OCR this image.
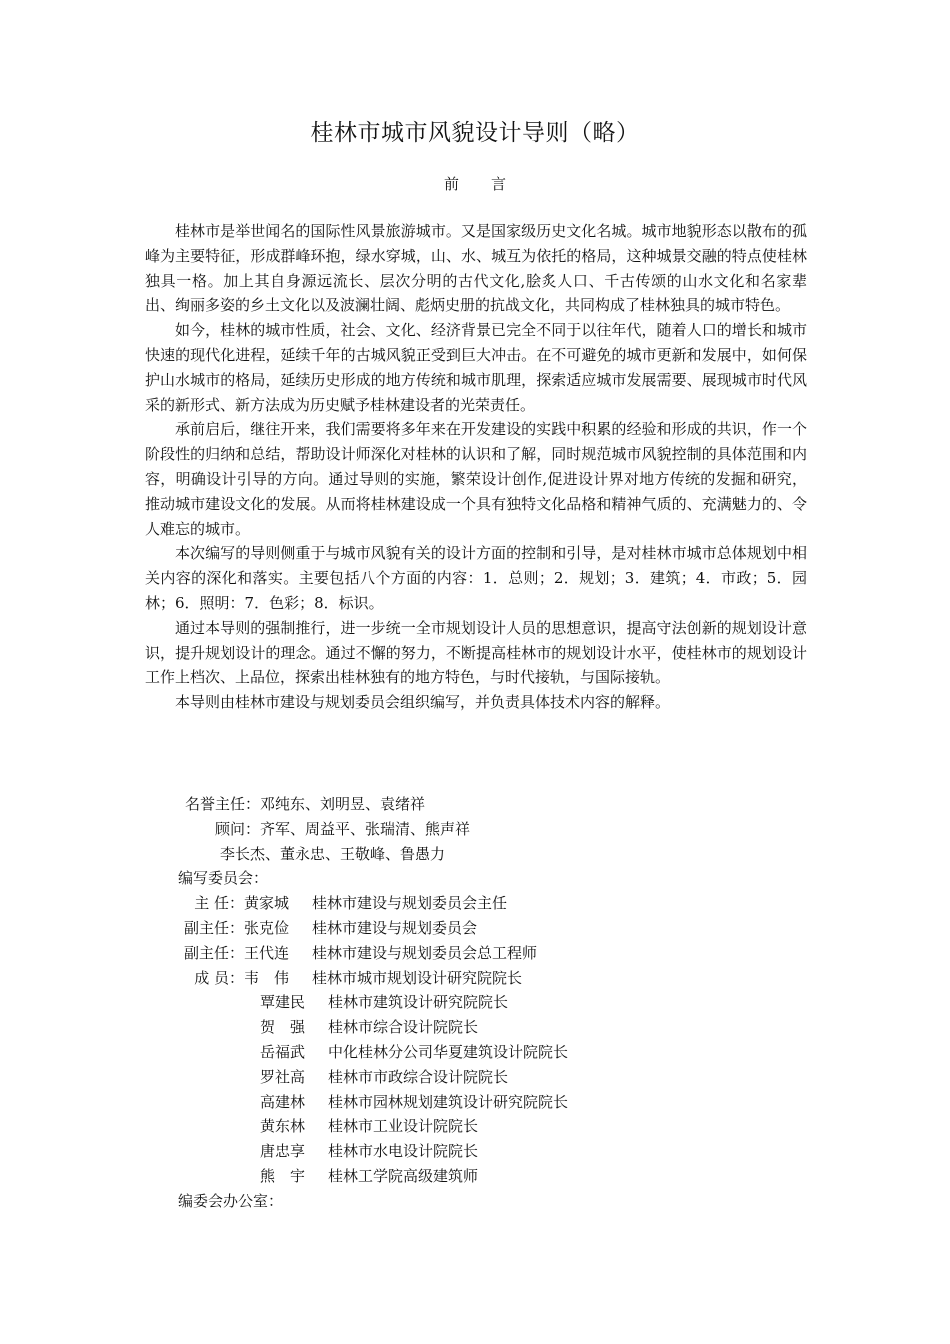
桂林市城市风貌设计导则（略）
前言

桂林市是举世闻名的国际性风景旅游城市。又是国家级历史文化名城。城市地貌形态以散布的孤峰为主要特征，形成群峰环抱，绿水穿城，山、水、城互为依托的格局，这种城景交融的特点使桂林独具一格。加上其自身源远流长、层次分明的古代文化,脍炙人口、千古传颂的山水文化和名家辈出、绚丽多姿的乡土文化以及波澜壮阔、彪炳史册的抗战文化，共同构成了桂林独具的城市特色。

如今，桂林的城市性质，社会、文化、经济背景已完全不同于以往年代，随着人口的增长和城市快速的现代化进程，延续千年的古城风貌正受到巨大冲击。在不可避免的城市更新和发展中，如何保护山水城市的格局，延续历史形成的地方传统和城市肌理，探索适应城市发展需要、展现城市时代风采的新形式、新方法成为历史赋予桂林建设者的光荣责任。

承前启后，继往开来，我们需要将多年来在开发建设的实践中积累的经验和形成的共识，作一个阶段性的归纳和总结，帮助设计师深化对桂林的认识和了解，同时规范城市风貌控制的具体范围和内容，明确设计引导的方向。通过导则的实施，繁荣设计创作,促进设计界对地方传统的发掘和研究，推动城市建设文化的发展。从而将桂林建设成一个具有独特文化品格和精神气质的、充满魅力的、令人难忘的城市。

本次编写的导则侧重于与城市风貌有关的设计方面的控制和引导，是对桂林市城市总体规划中相关内容的深化和落实。主要包括八个方面的内容：1．总则；2．规划；3．建筑；4．市政；5．园林；6．照明：7．色彩；8．标识。

通过本导则的强制推行，进一步统一全市规划设计人员的思想意识，提高守法创新的规划设计意识，提升规划设计的理念。通过不懈的努力，不断提高桂林市的规划设计水平，使桂林市的规划设计工作上档次、上品位，探索出桂林独有的地方特色，与时代接轨，与国际接轨。

本导则由桂林市建设与规划委员会组织编写，并负责具体技术内容的解释。

名誉主任：邓纯东、刘明昱、袁绪祥
顾问：齐军、周益平、张瑞清、熊声祥
李长杰、董永忠、王敬峰、鲁愚力
编写委员会：
主 任：黄家城 桂林市建设与规划委员会主任
副主任：张克俭 桂林市建设与规划委员会
副主任：王代连 桂林市建设与规划委员会总工程师
成 员：韦　伟 桂林市城市规划设计研究院院长
覃建民 桂林市建筑设计研究院院长
贺　强 桂林市综合设计院院长
岳福武 中化桂林分公司华夏建筑设计院院长
罗社高 桂林市市政综合设计院院长
高建林 桂林市园林规划建筑设计研究院院长
黄东林 桂林市工业设计院院长
唐忠享 桂林市水电设计院院长
熊　宇 桂林工学院高级建筑师
编委会办公室：
